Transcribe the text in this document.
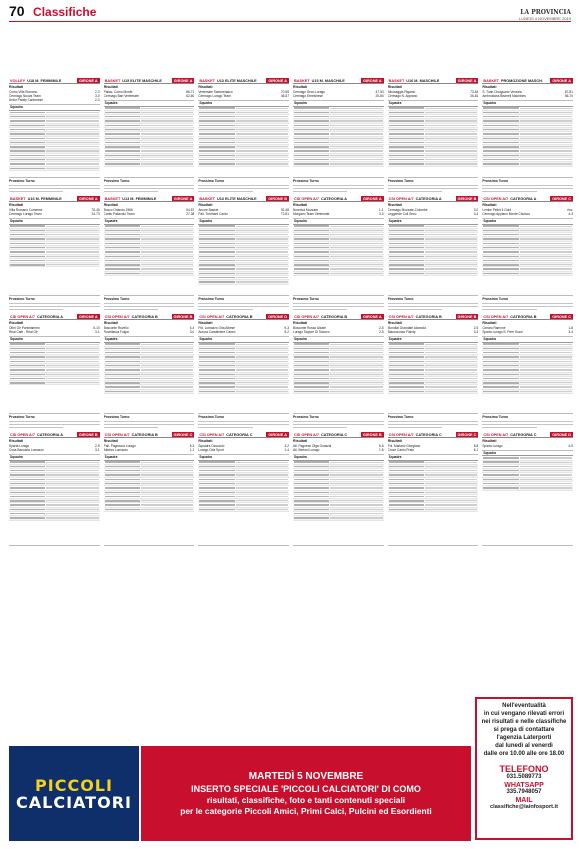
70 Classifiche	LA PROVINCIA
LUNEDÌ 4 NOVEMBRE 2019
VOLLEY U18 M. FEMMINILE	GIRONE A
Risultati
Como Villa Romano	2-3
Cermago Nuova Team	3-0
Ardor Paddy Cantonese	2-3
Squadra
Prossimo Turno
BASKET U16 M. FEMMINILE	GIRONE A
Risultati
Villa Romano Comense	75-45
Cermago Lurago Team	24-73
Squadra
Prossimo Turno
CSI OPEN A/7 CATEGORIA A	GIRONE A
Risultati
Olbri Gir Pontelambro	5-10
Real Cafe - Real Gir	3-1
Squadra
Prossimo Turno
CSI OPEN A/7 CATEGORIA A	GIRONE B
Risultati
Sparta Lurago	2-5
Cosa Bancaria Lomazzo	3-1
Squadra
BASKET U15 ELITE MASCHILE	GIRONE A
Risultati
Pallac. Como Monte	86-71
Cermago Bari Vertemate	62-60
Squadra
Prossimo Turno
BASKET U13 M. FEMMINILE	GIRONE A
Risultati
Bosco Orlando 1966	54-57
Cantu Pallavolo Team	27-38
Squadra
Prossimo Turno
CSI OPEN A/7 CATEGORIA B	GIRONE B
Risultati
Bosconte Rovello	4-4
Rovellasca Fulgor	3-0
Squadra
Prossimo Turno
CSI OPEN A/7 CATEGORIA B	GIRONE C
Risultati
Pall. Pagnacca Lurago	5-3
Atletico Lomazzo	1-1
Squadra
BASKET U13 ELITE MASCHILE	GIRONE A
Risultati
Vertemate Sammerasco	70-55
Cermago Lurago Team	46-57
Squadra
Prossimo Turno
BASKET U13 ELITE MASCHILE	GIRONE B
Risultati
Arcore Basket	92-48
Pall. Trevisani Cantu	72-81
Squadra
Prossimo Turno
CSI OPEN A/7 CATEGORIA B	GIRONE D
Risultati
Pol. Lomazzo Oria Albese	9-3
Aurora Carabiniere Canzo	5-2
Squadra
Prossimo Turno
CSI OPEN A/7 CATEGORIA C	GIRONE A
Risultati
Squadra Ossuccio	3-2
Lurago Oria Sport	1-4
Squadra
BASKET U15 M. MASCHILE	GIRONE A
Risultati
Cermago Seco Lurago	47-53
Cermago Erbesinese	25-84
Squadra
Prossimo Turno
CSI OPEN A/7 CATEGORIA A	GIRONE A
Risultati
Norerica Mozzate	1-1
Morgavo Team Vertemate	3-0
Squadra
Prossimo Turno
CSI OPEN A/7 CATEGORIA B	GIRONE A
Risultati
Bosconte Rosso Alzate	2-5
Lurago Sapore Di Sciocro	2-5
Squadra
Prossimo Turno
CSI OPEN A/7 CATEGORIA C	GIRONE B
Risultati
Atl. Pagnese Olga Guazzai	6-6
Atl. Bertoni Lurago	1-6
Squadra
BASKET U16 M. MASCHILE	GIRONE A
Risultati
Albosaggia Rigamo	73-54
Cermago N. Appiano	36-81
Squadra
Prossimo Turno
CSI OPEN A/7 CATEGORIA A	GIRONE B
Risultati
Cermago Mozzate-Colombe	3-0
Leggende Coll Seco	3-4
Squadra
Prossimo Turno
CSI OPEN A/7 CATEGORIA B	GIRONE B
Risultati
Mondial Grandate Alzanola	2-5
Biancorosso Flandy	3-3
Squadra
Prossimo Turno
CSI OPEN A/7 CATEGORIA C	GIRONE C
Risultati
Pol. Mariano Giorgiano	8-8
Croce Cantu Prato	6-1
Squadra
BASKET PROMOZIONE MASCH.	GIRONE A
Risultati
S. Tuan Cisuguano Venezia	67-81
Ambrosiana Bisimeli Machines	56-70
Squadra
Prossimo Turno
CSI OPEN A/7 CATEGORIA A	GIRONE C
Risultati
Lemke Pellet II Gold	rinv.
Cermago Appiano Monte Chuisco	4-3
Squadra
Prossimo Turno
CSI OPEN A/7 CATEGORIA B	GIRONE C
Risultati
Cimaro Ramone	1-8
Sparta Lurago S. Pere Sozzi	3-4
Squadra
Prossimo Turno
CSI OPEN A/7 CATEGORIA C	GIRONE D
Risultati
Sparta Lurago	4-5
Squadra
Nell'eventualità
in cui vengano rilevati errori
nei risultati e nelle classifiche
si prega di contattare
l'agenzia Laterporti
dal lunedì al venerdì
dalle ore 10.00 alle ore 18.00
TELEFONO
031.5089773
WHATSAPP
335.7948057
MAIL
classifiche@lainfosport.it
PICCOLI
CALCIATORI
MARTEDÌ 5 NOVEMBRE
INSERTO SPECIALE 'PICCOLI CALCIATORI' DI COMO
risultati, classifiche, foto e tanti contenuti speciali
per le categorie Piccoli Amici, Primi Calci, Pulcini ed Esordienti
